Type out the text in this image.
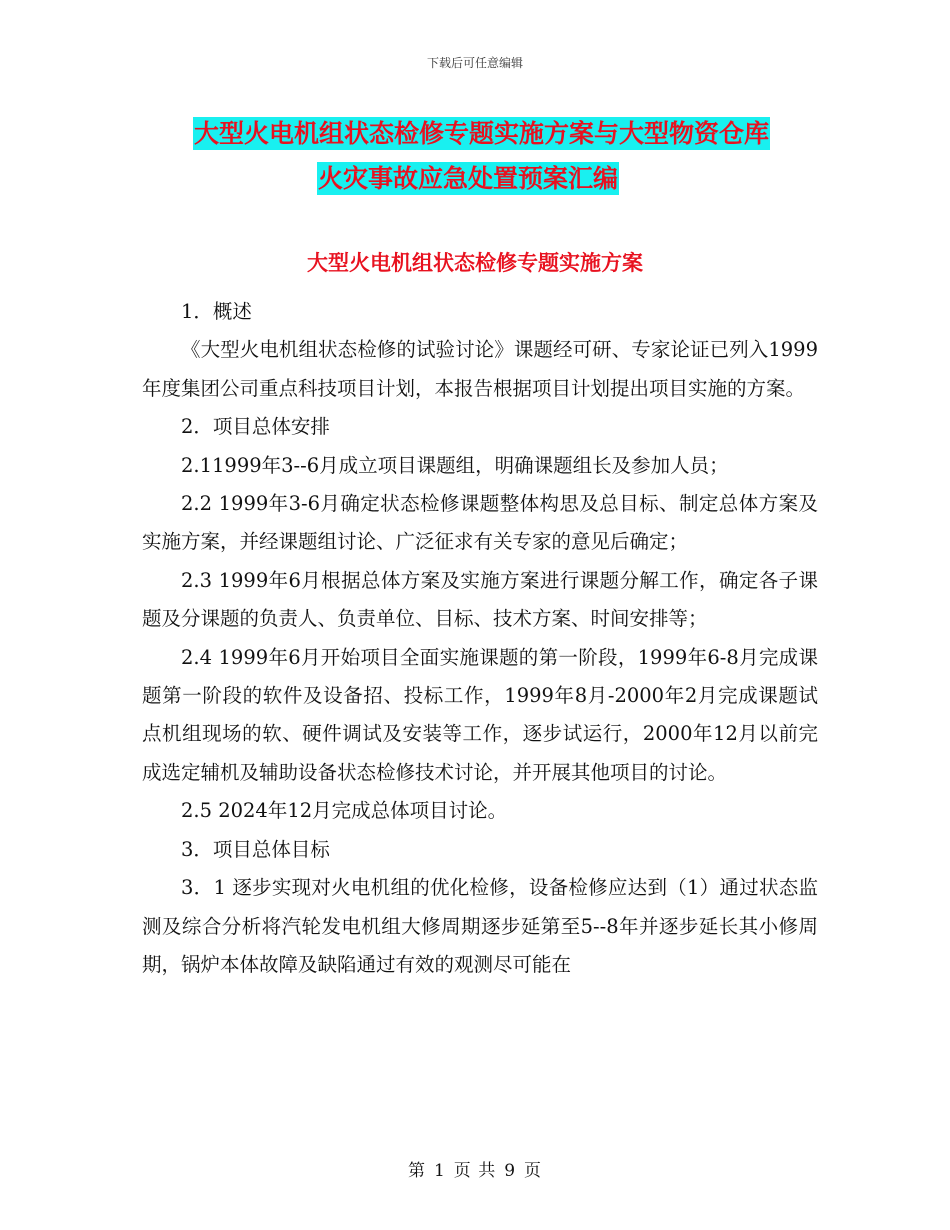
下载后可任意编辑
大型火电机组状态检修专题实施方案与大型物资仓库
火灾事故应急处置预案汇编
大型火电机组状态检修专题实施方案

1．概述

《大型火电机组状态检修的试验讨论》课题经可研、专家论证已列入1999年度集团公司重点科技项目计划，本报告根据项目计划提出项目实施的方案。

2．项目总体安排

2.11999年3--6月成立项目课题组，明确课题组长及参加人员；

2.2 1999年3-6月确定状态检修课题整体构思及总目标、制定总体方案及实施方案，并经课题组讨论、广泛征求有关专家的意见后确定；

2.3 1999年6月根据总体方案及实施方案进行课题分解工作，确定各子课题及分课题的负责人、负责单位、目标、技术方案、时间安排等；

2.4 1999年6月开始项目全面实施课题的第一阶段，1999年6-8月完成课题第一阶段的软件及设备招、投标工作，1999年8月-2000年2月完成课题试点机组现场的软、硬件调试及安装等工作，逐步试运行，2000年12月以前完成选定辅机及辅助设备状态检修技术讨论，并开展其他项目的讨论。

2.5 2024年12月完成总体项目讨论。

3．项目总体目标

3．1 逐步实现对火电机组的优化检修，设备检修应达到（1）通过状态监测及综合分析将汽轮发电机组大修周期逐步延第至5--8年并逐步延长其小修周期，锅炉本体故障及缺陷通过有效的观测尽可能在

第 1 页 共 9 页
